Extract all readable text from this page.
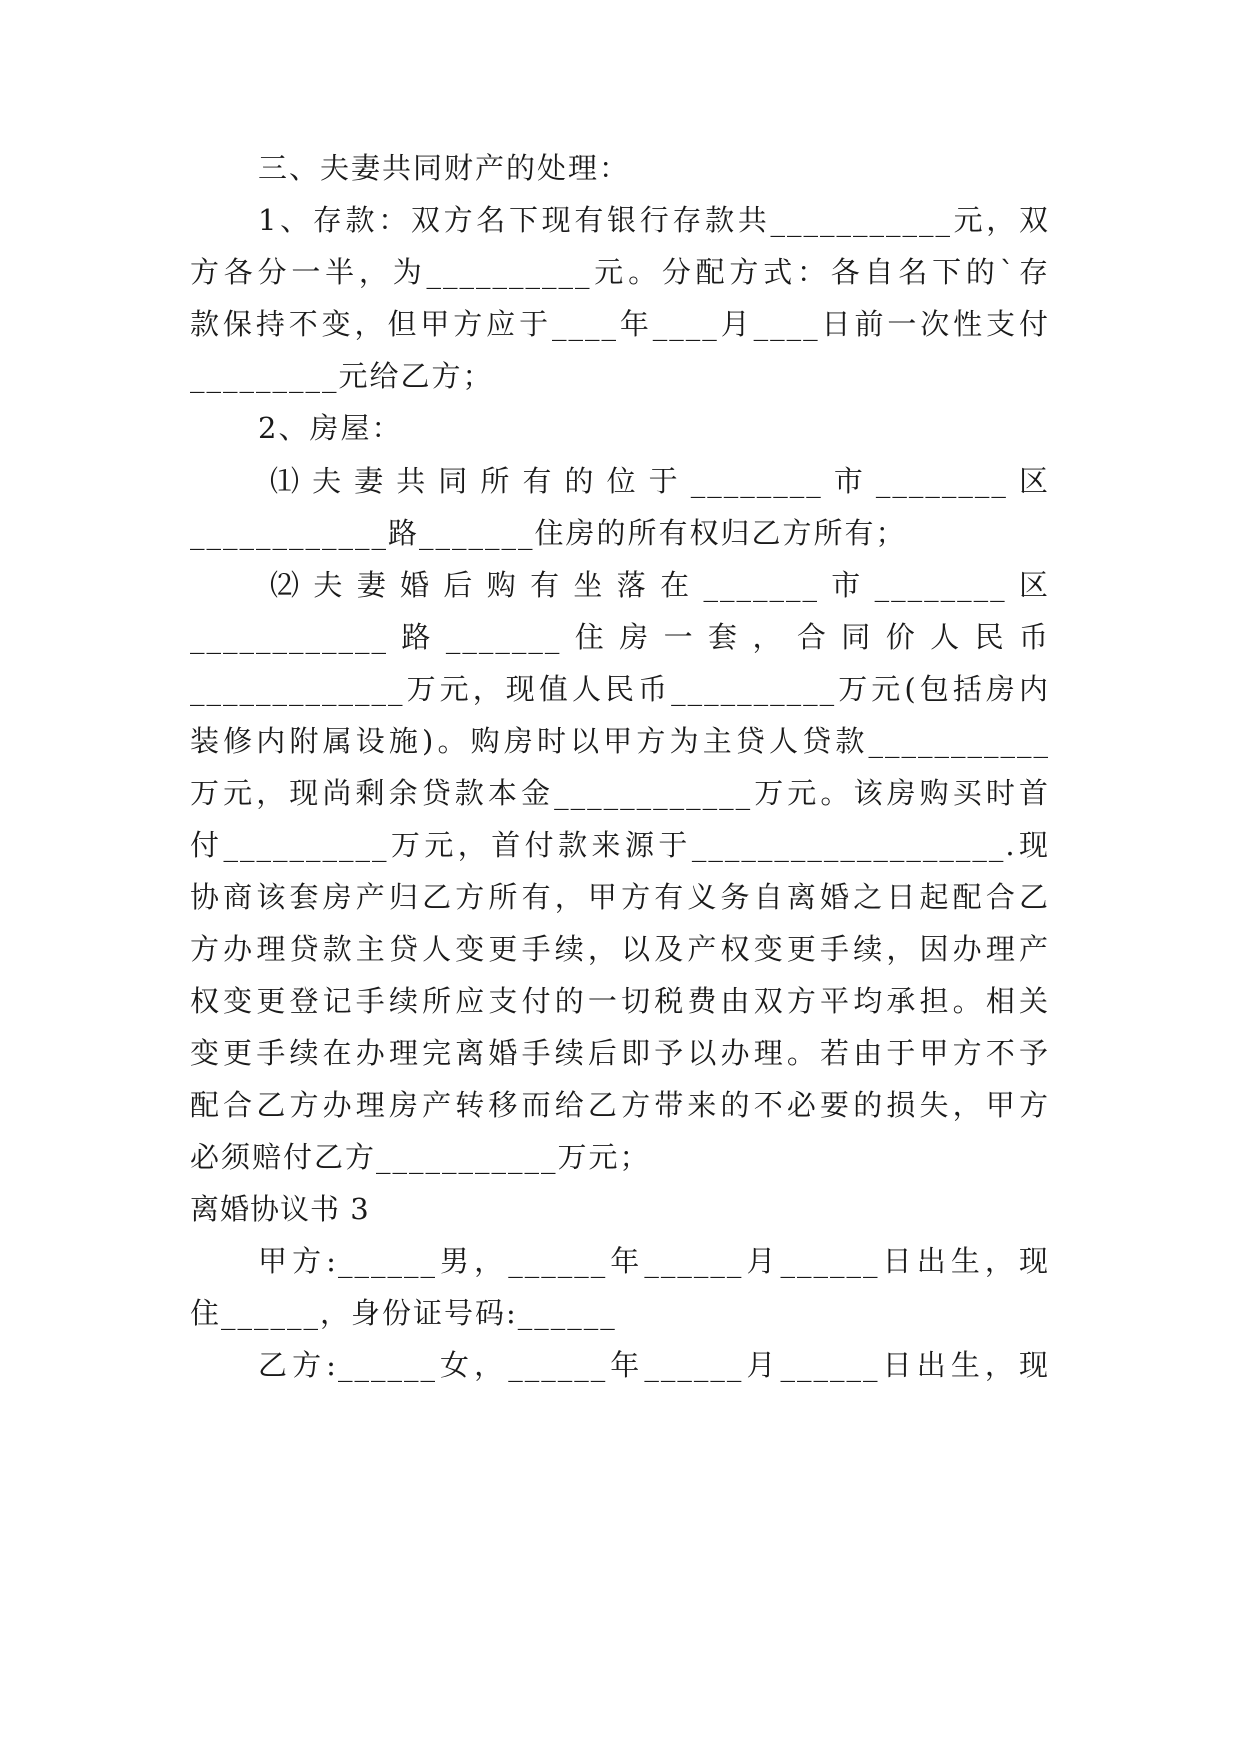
三、夫妻共同财产的处理：
1、存款：双方名下现有银行存款共___________元，双
方各分一半，为__________元。分配方式：各自名下的`存
款保持不变，但甲方应于____年____月____日前一次性支付
_________元给乙方；
2、房屋：
⑴夫妻共同所有的位于________市________区
____________路_______住房的所有权归乙方所有；
⑵夫妻婚后购有坐落在_______市________区
____________路_______住房一套，合同价人民币
_____________万元，现值人民币__________万元(包括房内
装修内附属设施)。购房时以甲方为主贷人贷款___________
万元，现尚剩余贷款本金____________万元。该房购买时首
付__________万元，首付款来源于___________________.现
协商该套房产归乙方所有，甲方有义务自离婚之日起配合乙
方办理贷款主贷人变更手续，以及产权变更手续，因办理产
权变更登记手续所应支付的一切税费由双方平均承担。相关
变更手续在办理完离婚手续后即予以办理。若由于甲方不予
配合乙方办理房产转移而给乙方带来的不必要的损失，甲方
必须赔付乙方___________万元；
离婚协议书 3
甲方:______男，______年______月______日出生，现
住______，身份证号码:______
乙方:______女，______年______月______日出生，现
